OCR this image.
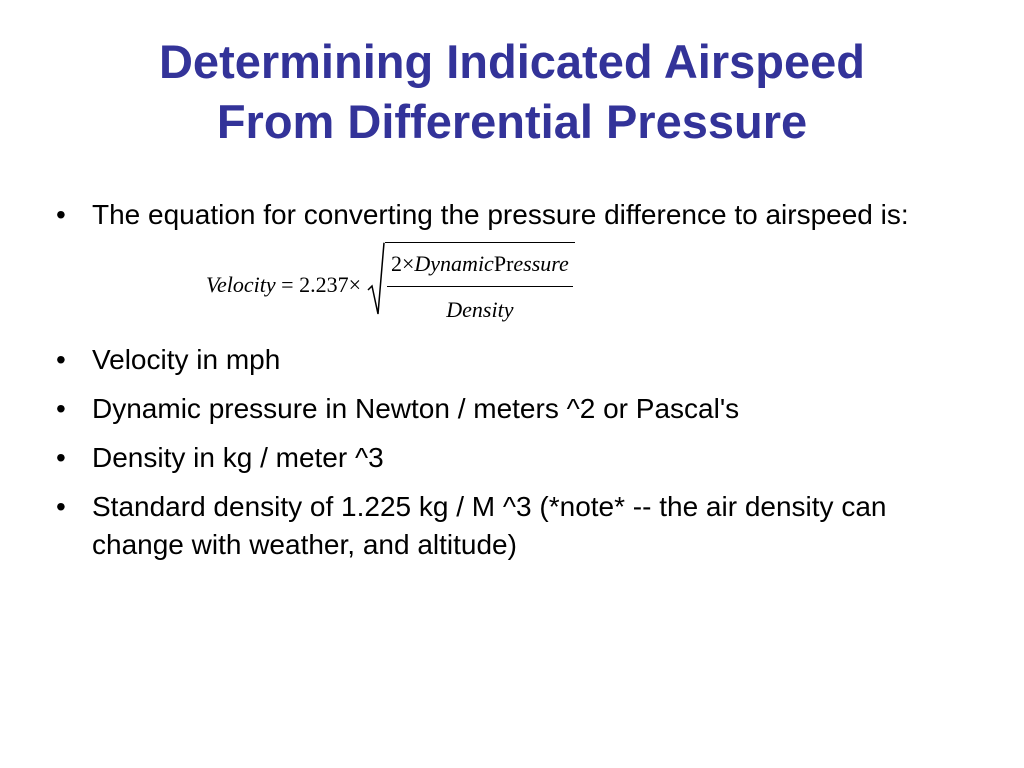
Determining Indicated Airspeed
From Differential Pressure
• The equation for converting the pressure difference to airspeed is:
Velocity = $2.237 \times \frac{\text{2×DynamicPressure}}{\text{Density}}$
• Velocity in mph
• Dynamic pressure in Newton / meters ^2 or Pascal's
• Density in kg / meter ^3
• Standard density of 1.225 kg / M ^3 (*note* -- the air density can change with weather, and altitude)
